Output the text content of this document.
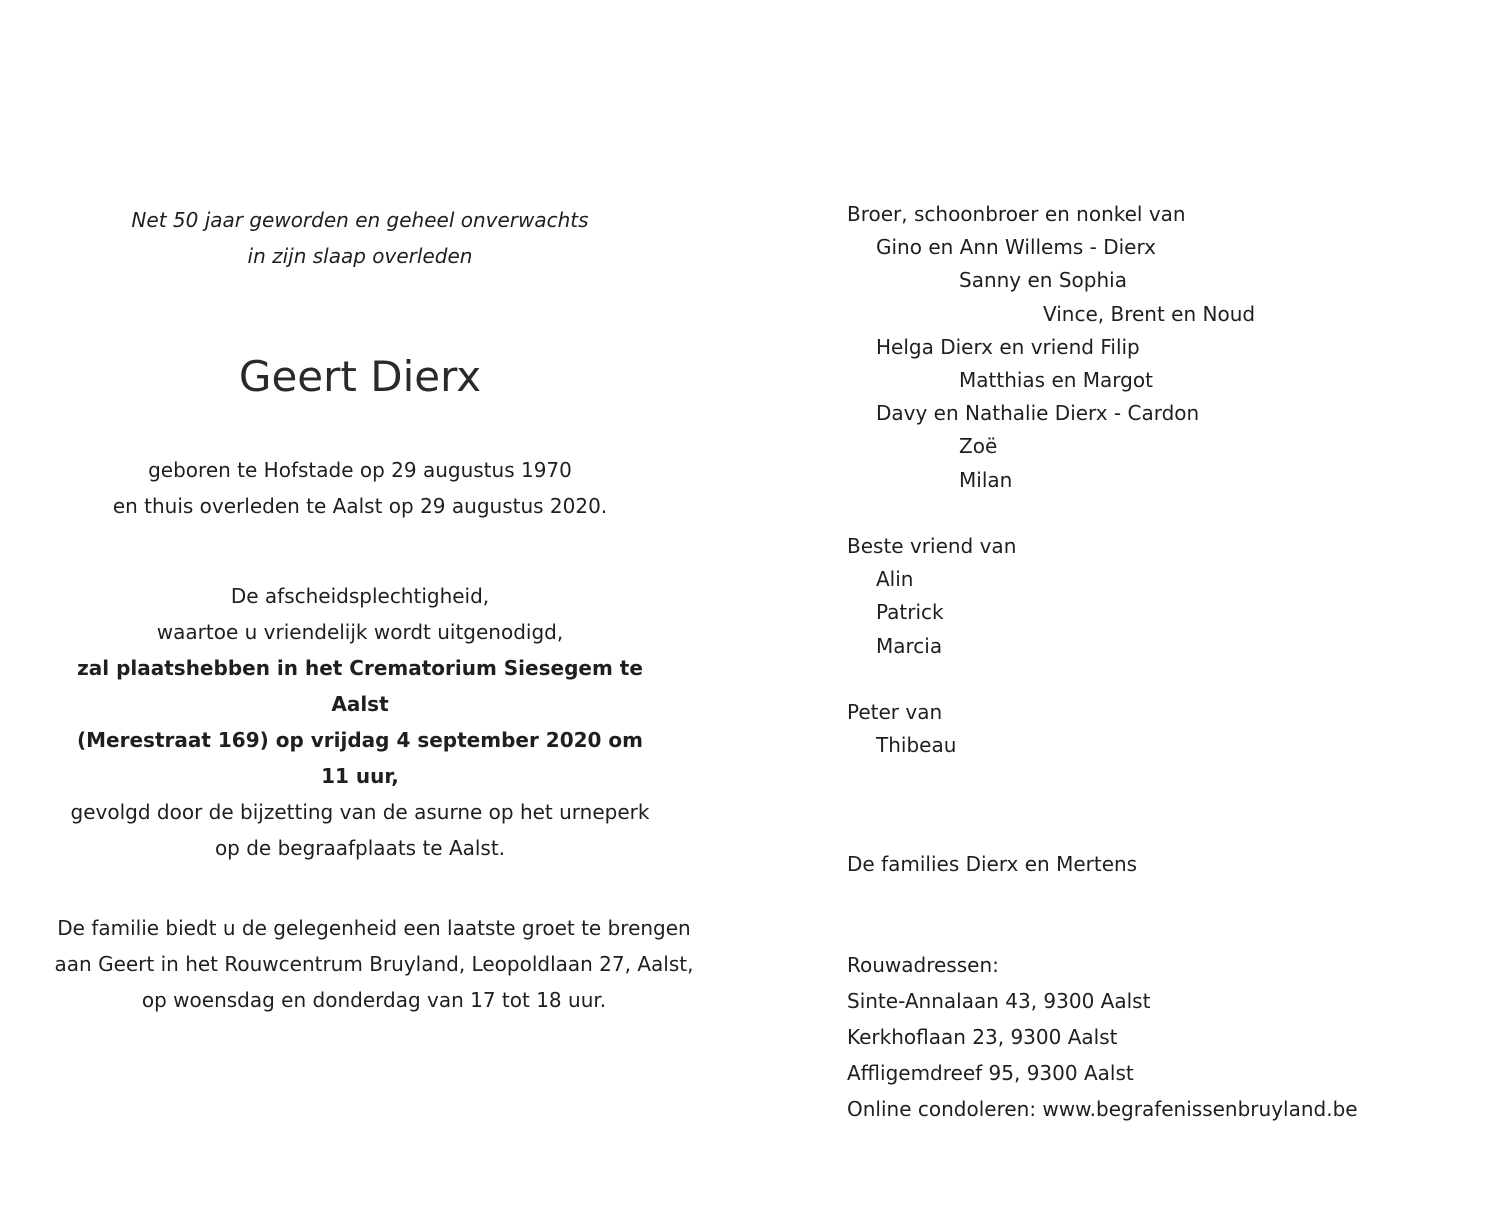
Net 50 jaar geworden en geheel onverwachts
in zijn slaap overleden
Geert Dierx
geboren te Hofstade op 29 augustus 1970
en thuis overleden te Aalst op 29 augustus 2020.
De afscheidsplechtigheid,
waartoe u vriendelijk wordt uitgenodigd,
zal plaatshebben in het Crematorium Siesegem te Aalst
(Merestraat 169) op vrijdag 4 september 2020 om 11 uur,
gevolgd door de bijzetting van de asurne op het urneperk
op de begraafplaats te Aalst.
De familie biedt u de gelegenheid een laatste groet te brengen
aan Geert in het Rouwcentrum Bruyland, Leopoldlaan 27, Aalst,
op woensdag en donderdag van 17 tot 18 uur.
Broer, schoonbroer en nonkel van
Gino en Ann Willems - Dierx
Sanny en Sophia
Vince, Brent en Noud
Helga Dierx en vriend Filip
Matthias en Margot
Davy en Nathalie Dierx - Cardon
Zoë
Milan
Beste vriend van
Alin
Patrick
Marcia
Peter van
Thibeau
De families Dierx en Mertens
Rouwadressen:
Sinte-Annalaan 43, 9300 Aalst
Kerkhoflaan 23, 9300 Aalst
Affligemdreef 95, 9300 Aalst
Online condoleren: www.begrafenissenbruyland.be
